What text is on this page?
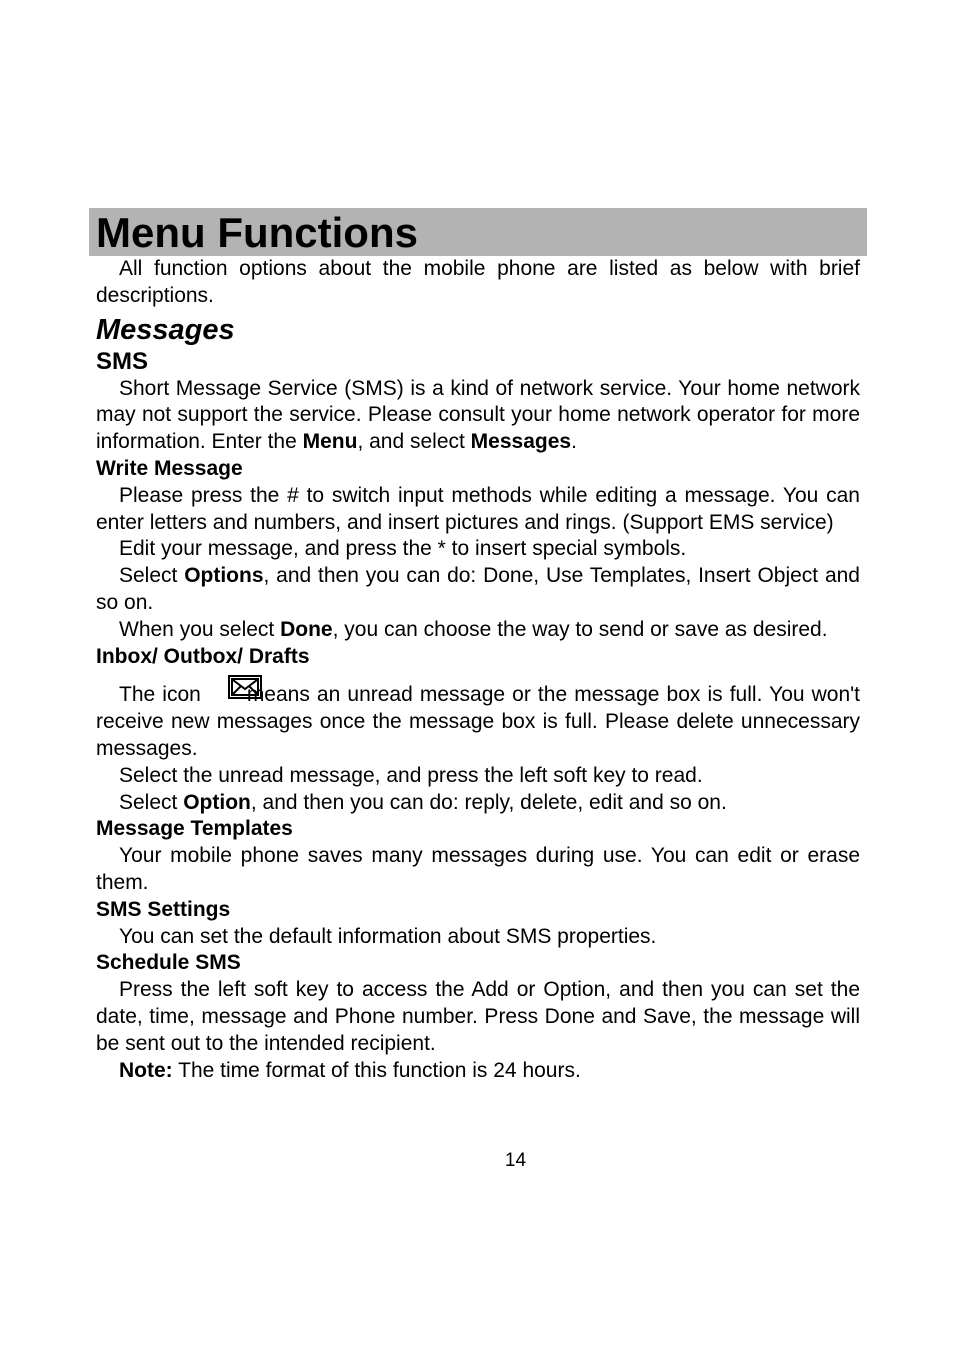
Menu Functions

All function options about the mobile phone are listed as below with brief descriptions.

Messages
SMS

Short Message Service (SMS) is a kind of network service. Your home network may not support the service. Please consult your home network operator for more information. Enter the Menu, and select Messages.

Write Message

Please press the # to switch input methods while editing a message. You can enter letters and numbers, and insert pictures and rings. (Support EMS service)

Edit your message, and press the * to insert special symbols.

Select Options, and then you can do: Done, Use Templates, Insert Object and so on.

When you select Done, you can choose the way to send or save as desired.

Inbox/ Outbox/ Drafts

The icon means an unread message or the message box is full. You won't receive new messages once the message box is full. Please delete unnecessary messages.

Select the unread message, and press the left soft key to read.

Select Option, and then you can do: reply, delete, edit and so on.

Message Templates

Your mobile phone saves many messages during use. You can edit or erase them.

SMS Settings

You can set the default information about SMS properties.

Schedule SMS

Press the left soft key to access the Add or Option, and then you can set the date, time, message and Phone number. Press Done and Save, the message will be sent out to the intended recipient.

Note: The time format of this function is 24 hours.

14
